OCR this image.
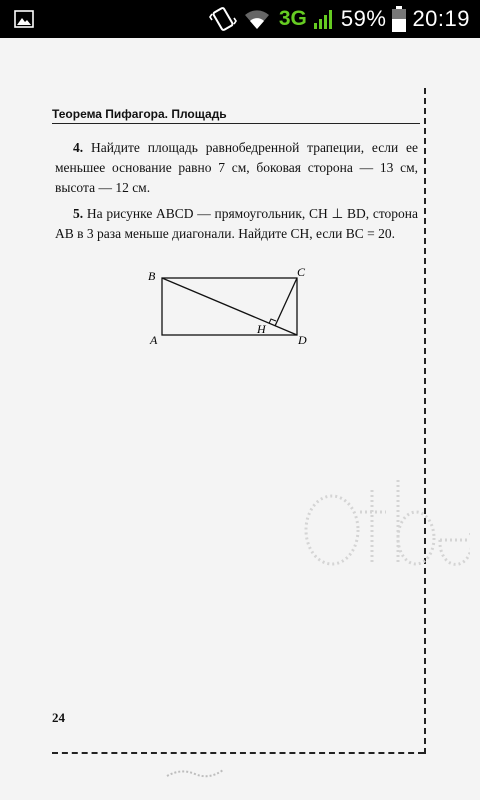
3G 59% 20:19
Теорема Пифагора. Площадь
4. Найдите площадь равнобедренной трапеции, если ее меньшее основание равно 7 см, боковая сторона — 13 см, высота — 12 см.
5. На рисунке ABCD — прямоугольник, CH ⊥ BD, сторона AB в 3 раза меньше диагонали. Найдите CH, если BC = 20.
B	C
A	D
H
24
